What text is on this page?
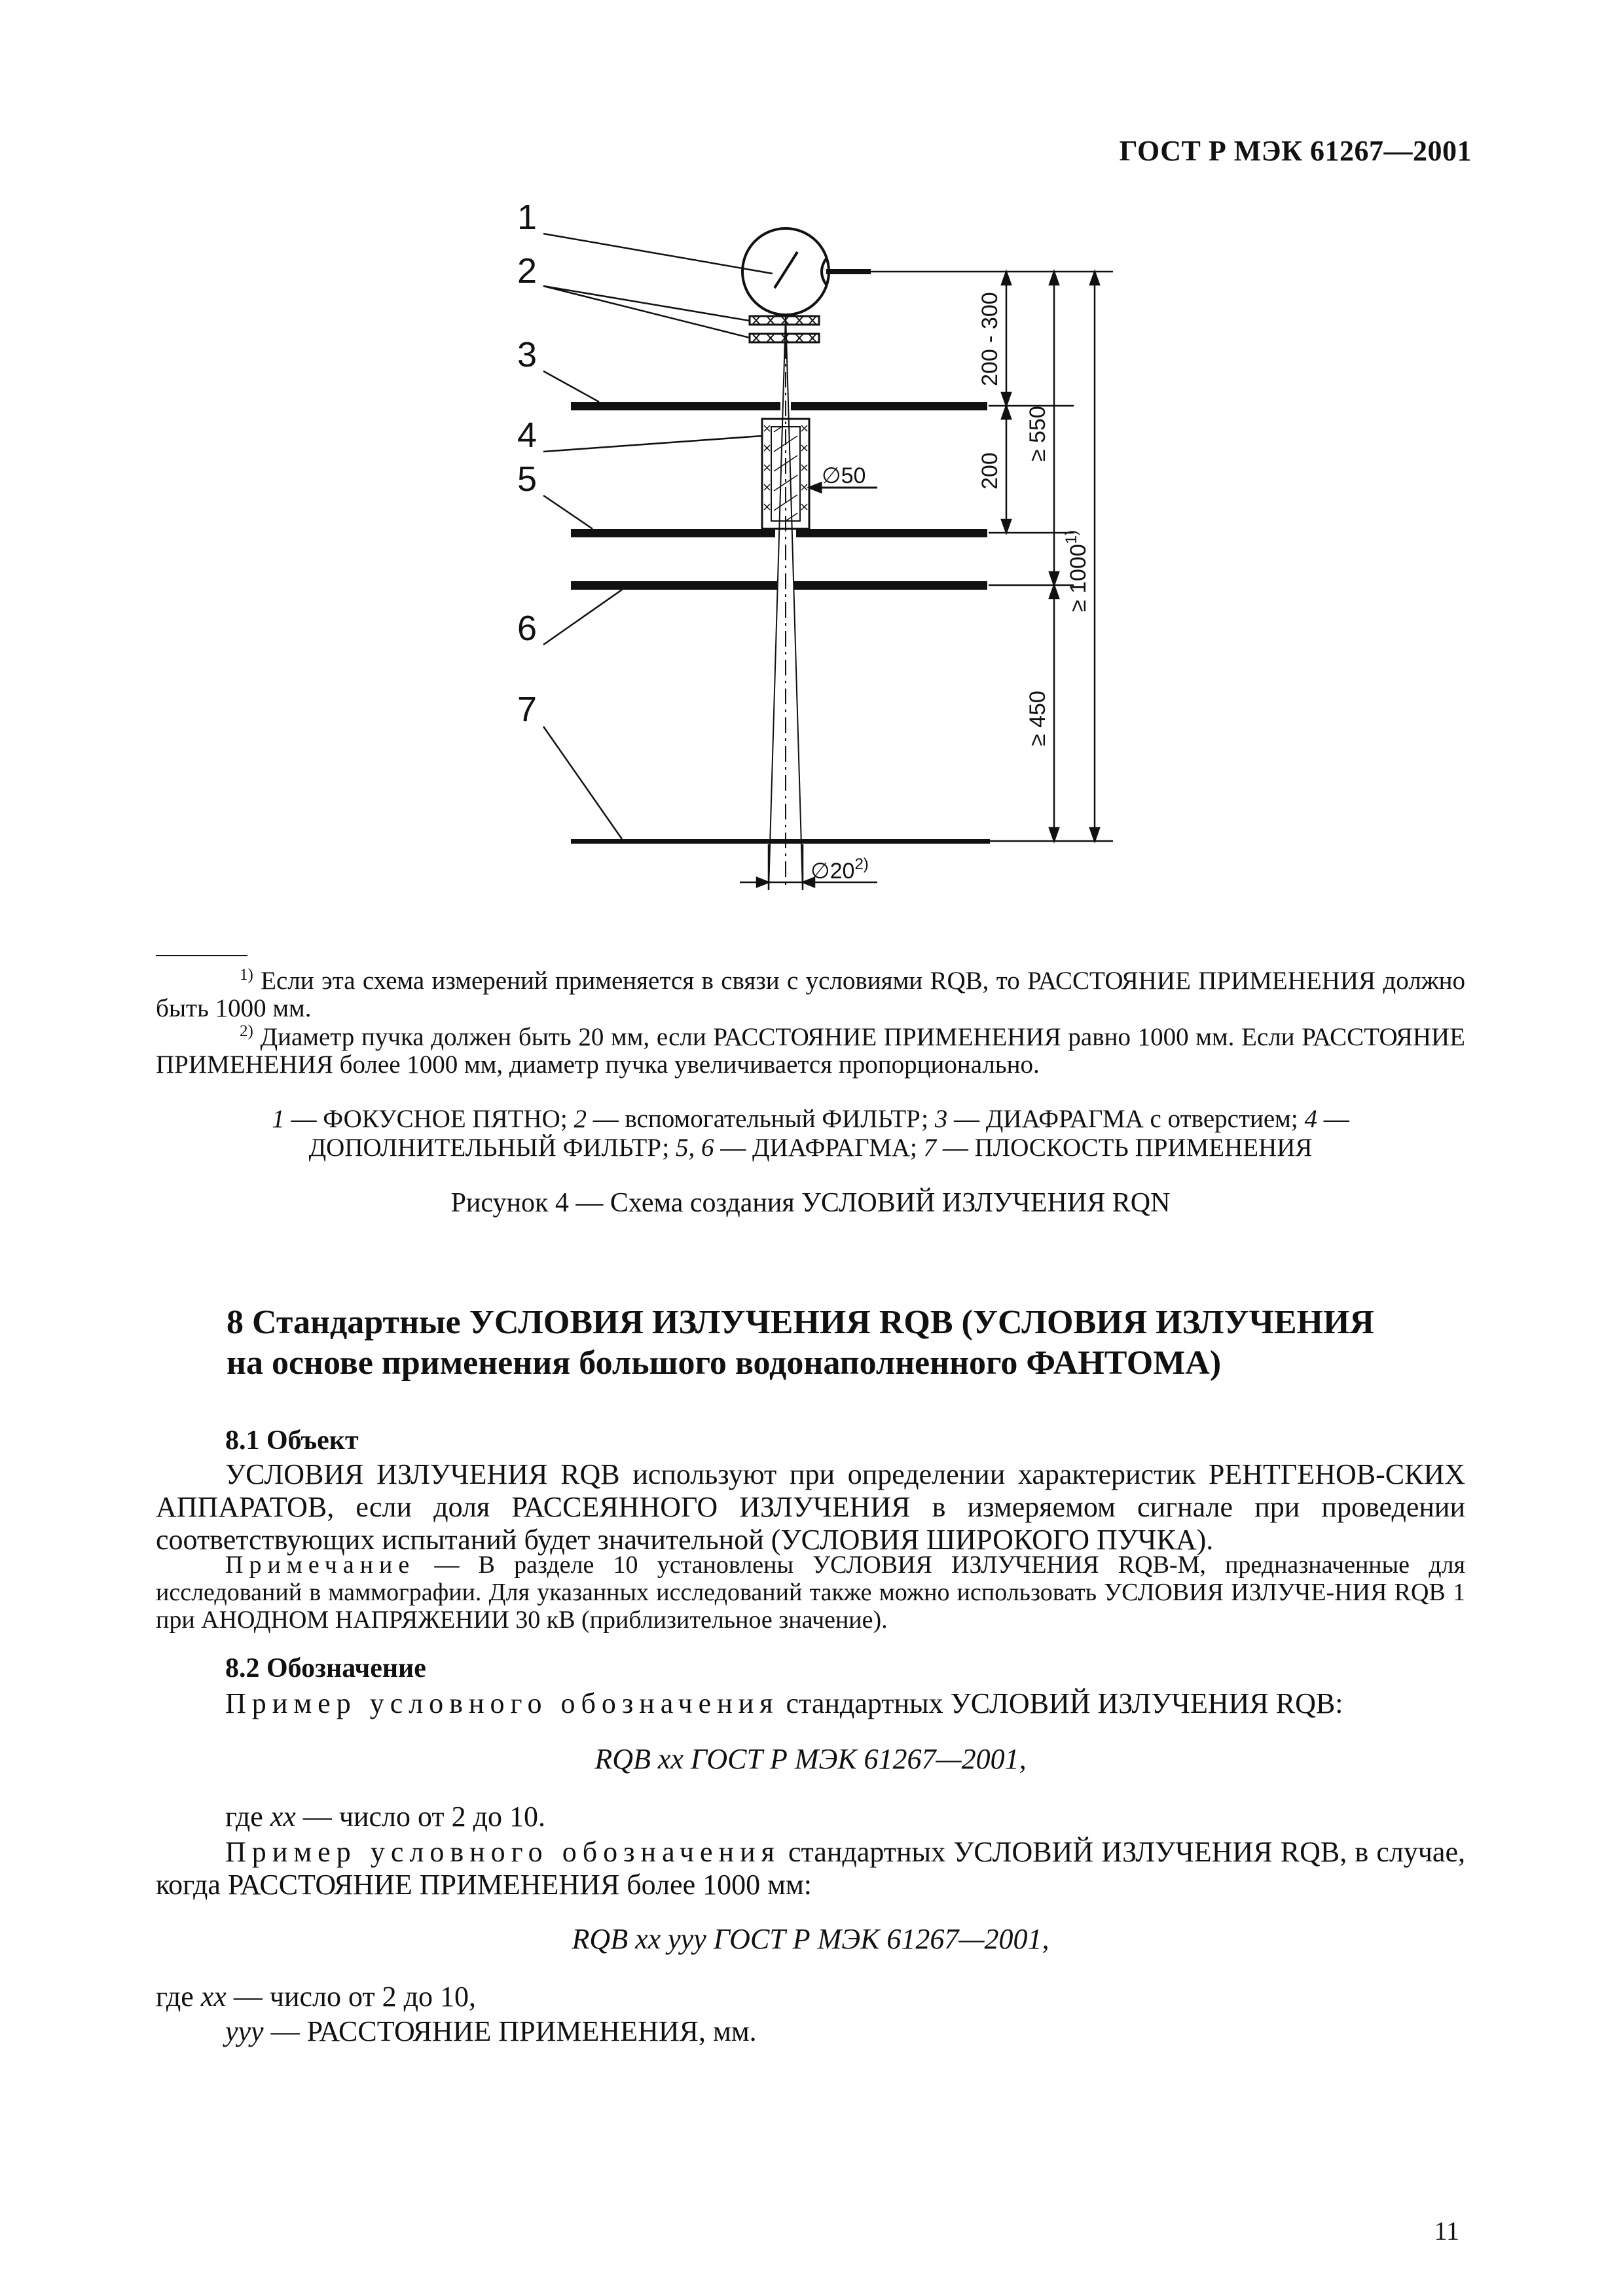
ГОСТ Р МЭК 61267—2001
1
2
3
4
5
6
7
200 - 300
200
≥ 550
≥ 450
≥ $1000^{1)}$
∅50
∅20$^{2)}$
$^{1)}$ Если эта схема измерений применяется в связи с условиями RQB, то РАССТОЯНИЕ ПРИМЕНЕНИЯ должно быть 1000 мм.
$^{2)}$ Диаметр пучка должен быть 20 мм, если РАССТОЯНИЕ ПРИМЕНЕНИЯ равно 1000 мм. Если РАССТОЯНИЕ ПРИМЕНЕНИЯ более 1000 мм, диаметр пучка увеличивается пропорционально.
1 — ФОКУСНОЕ ПЯТНО; 2 — вспомогательный ФИЛЬТР; 3 — ДИАФРАГМА с отверстием; 4 — ДОПОЛНИТЕЛЬНЫЙ ФИЛЬТР; 5, 6 — ДИАФРАГМА; 7 — ПЛОСКОСТЬ ПРИМЕНЕНИЯ
Рисунок 4 — Схема создания УСЛОВИЙ ИЗЛУЧЕНИЯ RQN
8 Стандартные УСЛОВИЯ ИЗЛУЧЕНИЯ RQB (УСЛОВИЯ ИЗЛУЧЕНИЯ
на основе применения большого водонаполненного ФАНТОМА)
8.1 Объект
УСЛОВИЯ ИЗЛУЧЕНИЯ RQB используют при определении характеристик РЕНТГЕНОВ-СКИХ АППАРАТОВ, если доля РАССЕЯННОГО ИЗЛУЧЕНИЯ в измеряемом сигнале при проведении соответствующих испытаний будет значительной (УСЛОВИЯ ШИРОКОГО ПУЧКА).
Примечание — В разделе 10 установлены УСЛОВИЯ ИЗЛУЧЕНИЯ RQB-M, предназначенные для исследований в маммографии. Для указанных исследований также можно использовать УСЛОВИЯ ИЗЛУЧЕ-НИЯ RQB 1 при АНОДНОМ НАПРЯЖЕНИИ 30 кВ (приблизительное значение).
8.2 Обозначение
Пример условного обозначения стандартных УСЛОВИЙ ИЗЛУЧЕНИЯ RQB:
RQB xx ГОСТ Р МЭК 61267—2001,
где xx — число от 2 до 10.
Пример условного обозначения стандартных УСЛОВИЙ ИЗЛУЧЕНИЯ RQB, в случае, когда РАССТОЯНИЕ ПРИМЕНЕНИЯ более 1000 мм:
RQB xx yyy ГОСТ Р МЭК 61267—2001,
где xx — число от 2 до 10,
yyy — РАССТОЯНИЕ ПРИМЕНЕНИЯ, мм.
11
